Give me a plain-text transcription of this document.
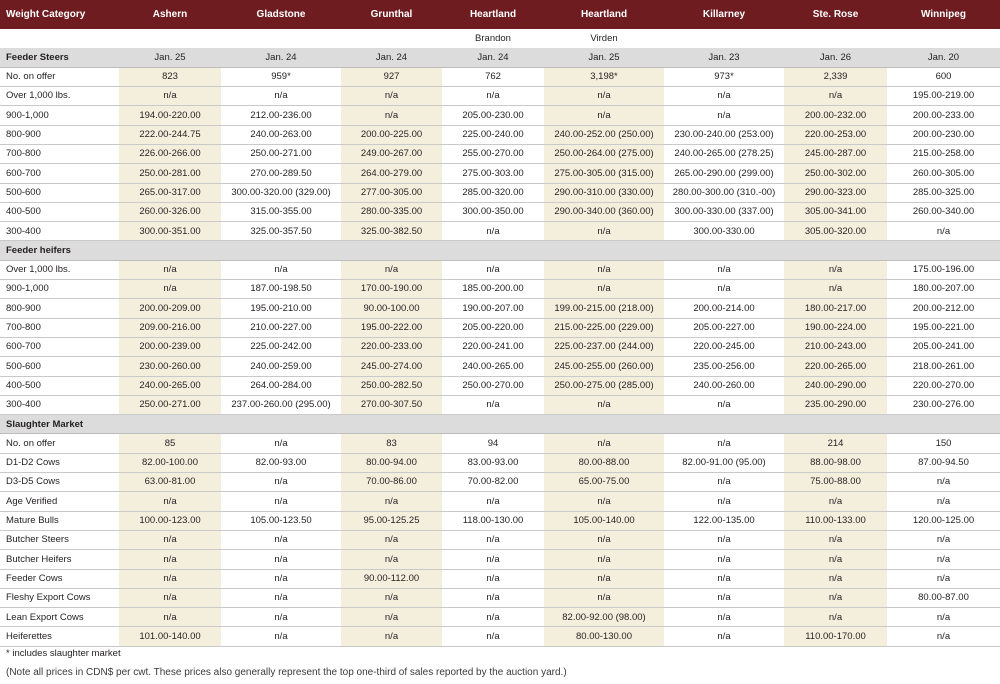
Weight Category	Ashern	Gladstone	Grunthal	Heartland	Heartland	Killarney	Ste. Rose	Winnipeg
				Brandon	Virden			
Feeder Steers	Jan. 25	Jan. 24	Jan. 24	Jan. 24	Jan. 25	Jan. 23	Jan. 26	Jan. 20
No. on offer	823	959*	927	762	3,198*	973*	2,339	600
Over 1,000 lbs.	n/a	n/a	n/a	n/a	n/a	n/a	n/a	195.00-219.00
900-1,000	194.00-220.00	212.00-236.00	n/a	205.00-230.00	n/a	n/a	200.00-232.00	200.00-233.00
800-900	222.00-244.75	240.00-263.00	200.00-225.00	225.00-240.00	240.00-252.00 (250.00)	230.00-240.00 (253.00)	220.00-253.00	200.00-230.00
700-800	226.00-266.00	250.00-271.00	249.00-267.00	255.00-270.00	250.00-264.00 (275.00)	240.00-265.00 (278.25)	245.00-287.00	215.00-258.00
600-700	250.00-281.00	270.00-289.50	264.00-279.00	275.00-303.00	275.00-305.00 (315.00)	265.00-290.00 (299.00)	250.00-302.00	260.00-305.00
500-600	265.00-317.00	300.00-320.00 (329.00)	277.00-305.00	285.00-320.00	290.00-310.00 (330.00)	280.00-300.00 (310.-00)	290.00-323.00	285.00-325.00
400-500	260.00-326.00	315.00-355.00	280.00-335.00	300.00-350.00	290.00-340.00 (360.00)	300.00-330.00 (337.00)	305.00-341.00	260.00-340.00
300-400	300.00-351.00	325.00-357.50	325.00-382.50	n/a	n/a	300.00-330.00	305.00-320.00	n/a
Feeder heifers								
Over 1,000 lbs.	n/a	n/a	n/a	n/a	n/a	n/a	n/a	175.00-196.00
900-1,000	n/a	187.00-198.50	170.00-190.00	185.00-200.00	n/a	n/a	n/a	180.00-207.00
800-900	200.00-209.00	195.00-210.00	90.00-100.00	190.00-207.00	199.00-215.00 (218.00)	200.00-214.00	180.00-217.00	200.00-212.00
700-800	209.00-216.00	210.00-227.00	195.00-222.00	205.00-220.00	215.00-225.00 (229.00)	205.00-227.00	190.00-224.00	195.00-221.00
600-700	200.00-239.00	225.00-242.00	220.00-233.00	220.00-241.00	225.00-237.00 (244.00)	220.00-245.00	210.00-243.00	205.00-241.00
500-600	230.00-260.00	240.00-259.00	245.00-274.00	240.00-265.00	245.00-255.00 (260.00)	235.00-256.00	220.00-265.00	218.00-261.00
400-500	240.00-265.00	264.00-284.00	250.00-282.50	250.00-270.00	250.00-275.00 (285.00)	240.00-260.00	240.00-290.00	220.00-270.00
300-400	250.00-271.00	237.00-260.00 (295.00)	270.00-307.50	n/a	n/a	n/a	235.00-290.00	230.00-276.00
Slaughter Market								
No. on offer	85	n/a	83	94	n/a	n/a	214	150
D1-D2 Cows	82.00-100.00	82.00-93.00	80.00-94.00	83.00-93.00	80.00-88.00	82.00-91.00 (95.00)	88.00-98.00	87.00-94.50
D3-D5 Cows	63.00-81.00	n/a	70.00-86.00	70.00-82.00	65.00-75.00	n/a	75.00-88.00	n/a
Age Verified	n/a	n/a	n/a	n/a	n/a	n/a	n/a	n/a
Mature Bulls	100.00-123.00	105.00-123.50	95.00-125.25	118.00-130.00	105.00-140.00	122.00-135.00	110.00-133.00	120.00-125.00
Butcher Steers	n/a	n/a	n/a	n/a	n/a	n/a	n/a	n/a
Butcher Heifers	n/a	n/a	n/a	n/a	n/a	n/a	n/a	n/a
Feeder Cows	n/a	n/a	90.00-112.00	n/a	n/a	n/a	n/a	n/a
Fleshy Export Cows	n/a	n/a	n/a	n/a	n/a	n/a	n/a	80.00-87.00
Lean Export Cows	n/a	n/a	n/a	n/a	82.00-92.00 (98.00)	n/a	n/a	n/a
Heiferettes	101.00-140.00	n/a	n/a	n/a	80.00-130.00	n/a	110.00-170.00	n/a
* includes slaughter market
(Note all prices in CDN$ per cwt. These prices also generally represent the top one-third of sales reported by the auction yard.)
